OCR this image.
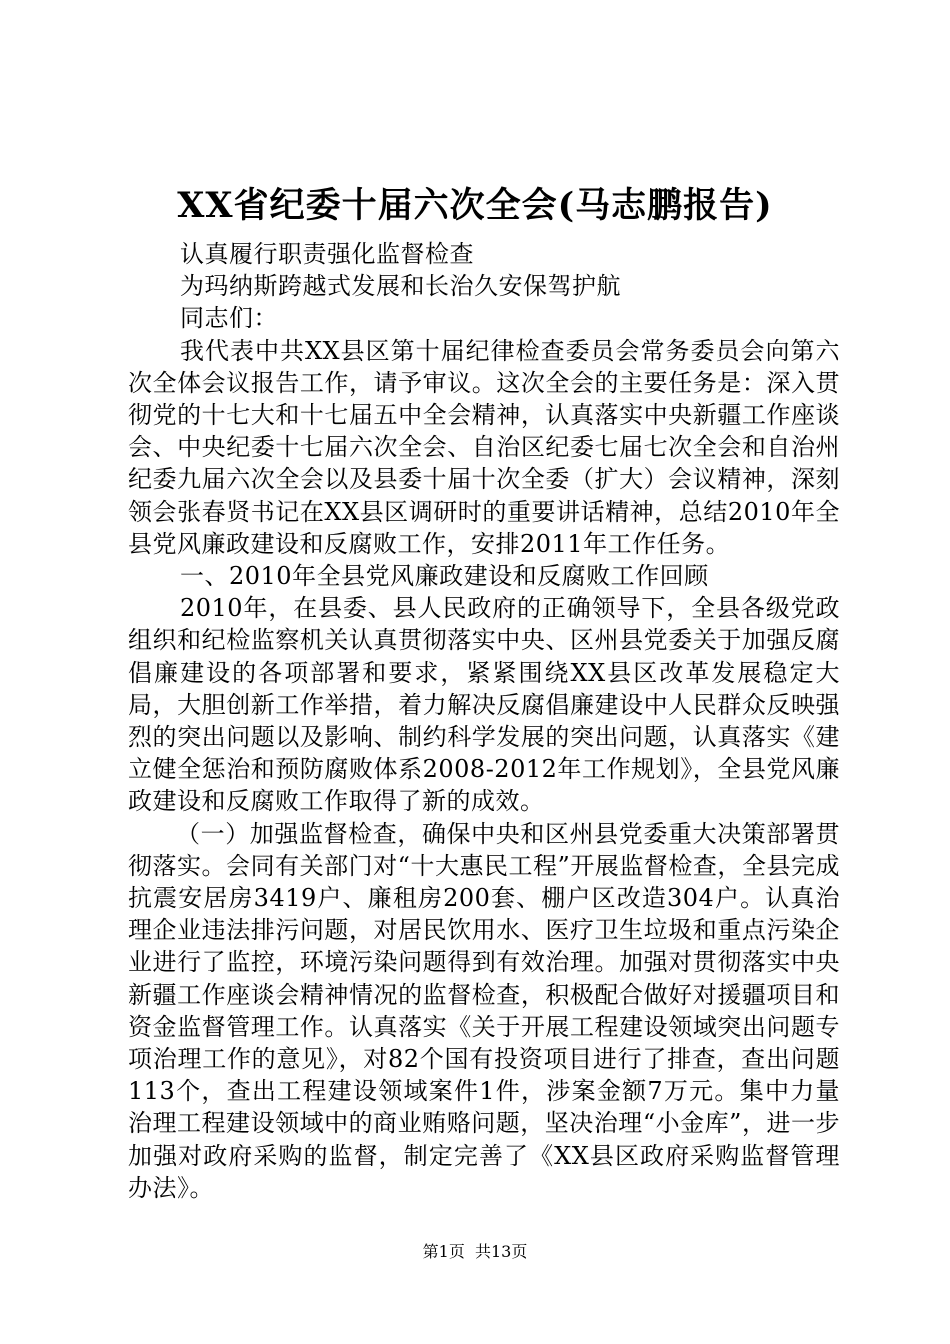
XX省纪委十届六次全会(马志鹏报告)

认真履行职责强化监督检查

为玛纳斯跨越式发展和长治久安保驾护航

同志们：

我代表中共XX县区第十届纪律检查委员会常务委员会向第六次全体会议报告工作，请予审议。这次全会的主要任务是：深入贯彻党的十七大和十七届五中全会精神，认真落实中央新疆工作座谈会、中央纪委十七届六次全会、自治区纪委七届七次全会和自治州纪委九届六次全会以及县委十届十次全委（扩大）会议精神，深刻领会张春贤书记在XX县区调研时的重要讲话精神，总结2010年全县党风廉政建设和反腐败工作，安排2011年工作任务。

一、2010年全县党风廉政建设和反腐败工作回顾

2010年，在县委、县人民政府的正确领导下，全县各级党政组织和纪检监察机关认真贯彻落实中央、区州县党委关于加强反腐倡廉建设的各项部署和要求，紧紧围绕XX县区改革发展稳定大局，大胆创新工作举措，着力解决反腐倡廉建设中人民群众反映强烈的突出问题以及影响、制约科学发展的突出问题，认真落实《建立健全惩治和预防腐败体系2008-2012年工作规划》，全县党风廉政建设和反腐败工作取得了新的成效。

（一）加强监督检查，确保中央和区州县党委重大决策部署贯彻落实。会同有关部门对“十大惠民工程”开展监督检查，全县完成抗震安居房3419户、廉租房200套、棚户区改造304户。认真治理企业违法排污问题，对居民饮用水、医疗卫生垃圾和重点污染企业进行了监控，环境污染问题得到有效治理。加强对贯彻落实中央新疆工作座谈会精神情况的监督检查，积极配合做好对援疆项目和资金监督管理工作。认真落实《关于开展工程建设领域突出问题专项治理工作的意见》，对82个国有投资项目进行了排查，查出问题113个，查出工程建设领域案件1件，涉案金额7万元。集中力量治理工程建设领域中的商业贿赂问题，坚决治理“小金库”，进一步加强对政府采购的监督，制定完善了《XX县区政府采购监督管理办法》。

第1页  共13页
